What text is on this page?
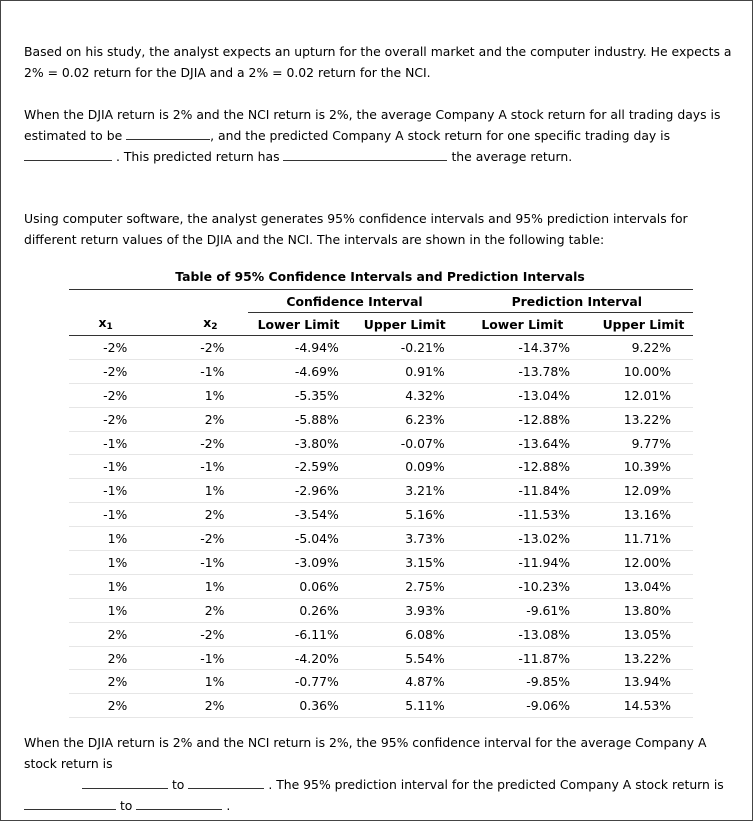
Based on his study, the analyst expects an upturn for the overall market and the computer industry. He expects a 2% = 0.02 return for the DJIA and a 2% = 0.02 return for the NCI.
When the DJIA return is 2% and the NCI return is 2%, the average Company A stock return for all trading days is estimated to be	, and the predicted Company A stock return for one specific trading day is
. This predicted return has	the average return.
Using computer software, the analyst generates 95% confidence intervals and 95% prediction intervals for different return values of the DJIA and the NCI. The intervals are shown in the following table:
Table of 95% Confidence Intervals and Prediction Intervals
		Confidence Interval		Prediction Interval	
$x_1$	$x_2$	Lower Limit	Upper Limit	Lower Limit	Upper Limit
-2%	-2%	-4.94%	-0.21%	-14.37%	9.22%
-2%	-1%	-4.69%	0.91%	-13.78%	10.00%
-2%	1%	-5.35%	4.32%	-13.04%	12.01%
-2%	2%	-5.88%	6.23%	-12.88%	13.22%
-1%	-2%	-3.80%	-0.07%	-13.64%	9.77%
-1%	-1%	-2.59%	0.09%	-12.88%	10.39%
-1%	1%	-2.96%	3.21%	-11.84%	12.09%
-1%	2%	-3.54%	5.16%	-11.53%	13.16%
1%	-2%	-5.04%	3.73%	-13.02%	11.71%
1%	-1%	-3.09%	3.15%	-11.94%	12.00%
1%	1%	0.06%	2.75%	-10.23%	13.04%
1%	2%	0.26%	3.93%	-9.61%	13.80%
2%	-2%	-6.11%	6.08%	-13.08%	13.05%
2%	-1%	-4.20%	5.54%	-11.87%	13.22%
2%	1%	-0.77%	4.87%	-9.85%	13.94%
2%	2%	0.36%	5.11%	-9.06%	14.53%
When the DJIA return is 2% and the NCI return is 2%, the 95% confidence interval for the average Company A stock return is
to	. The 95% prediction interval for the predicted Company A stock return is
to	.
